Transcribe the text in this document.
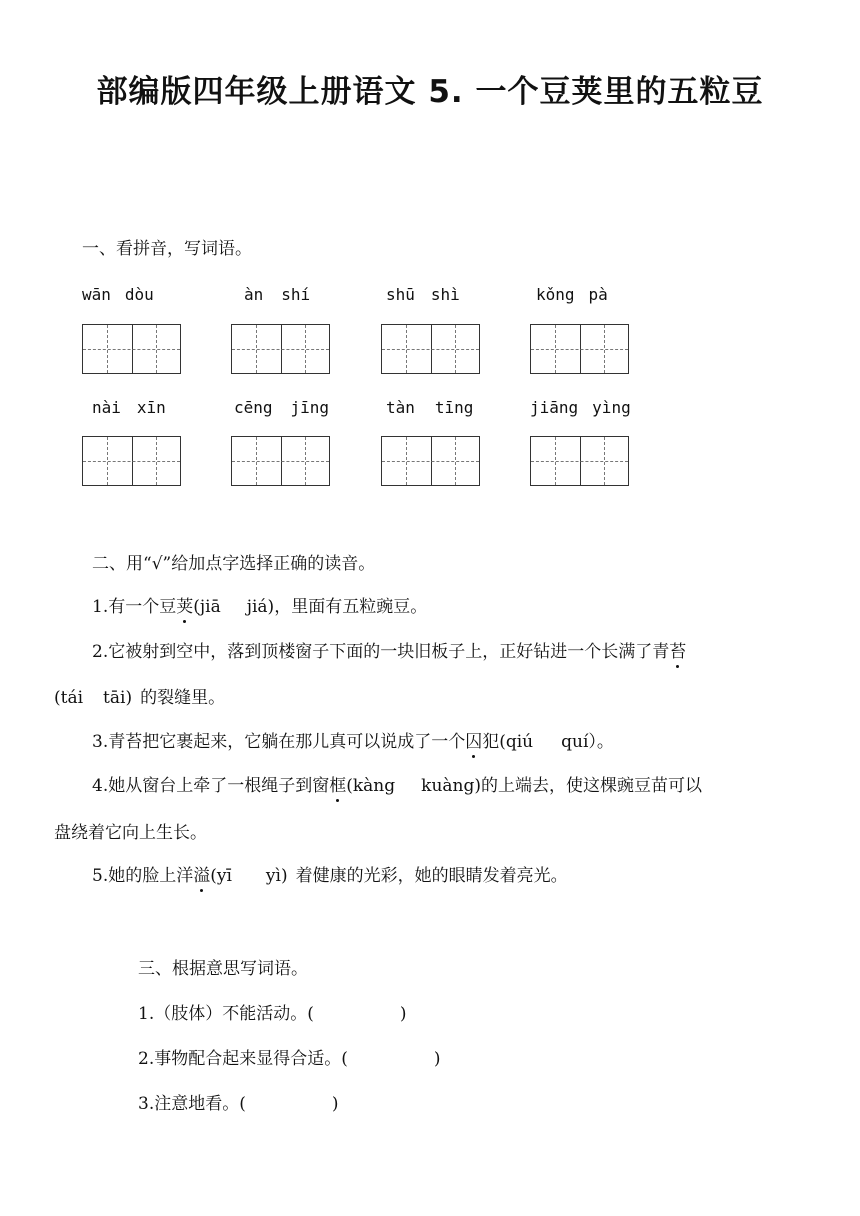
部编版四年级上册语文 5. 一个豆荚里的五粒豆
一、看拼音，写词语。
wān dòu	àn shí	shū shì	kǒng pà
nài xīn	cēng jīng	tàn tīng	jiāng yìng
二、用“√”给加点字选择正确的读音。
1.有一个豆荚(jiā jiá)，里面有五粒豌豆。
2.它被射到空中，落到顶楼窗子下面的一块旧板子上，正好钻进一个长满了青苔
(tái tāi) 的裂缝里。
3.青苔把它裹起来，它躺在那儿真可以说成了一个囚犯(qiú quí）。
4.她从窗台上牵了一根绳子到窗框(kàng kuàng)的上端去，使这棵豌豆苗可以
盘绕着它向上生长。
5.她的脸上洋溢(yī yì) 着健康的光彩，她的眼睛发着亮光。
三、根据意思写词语。
1.（肢体）不能活动。(	)
2.事物配合起来显得合适。(	)
3.注意地看。(	)
